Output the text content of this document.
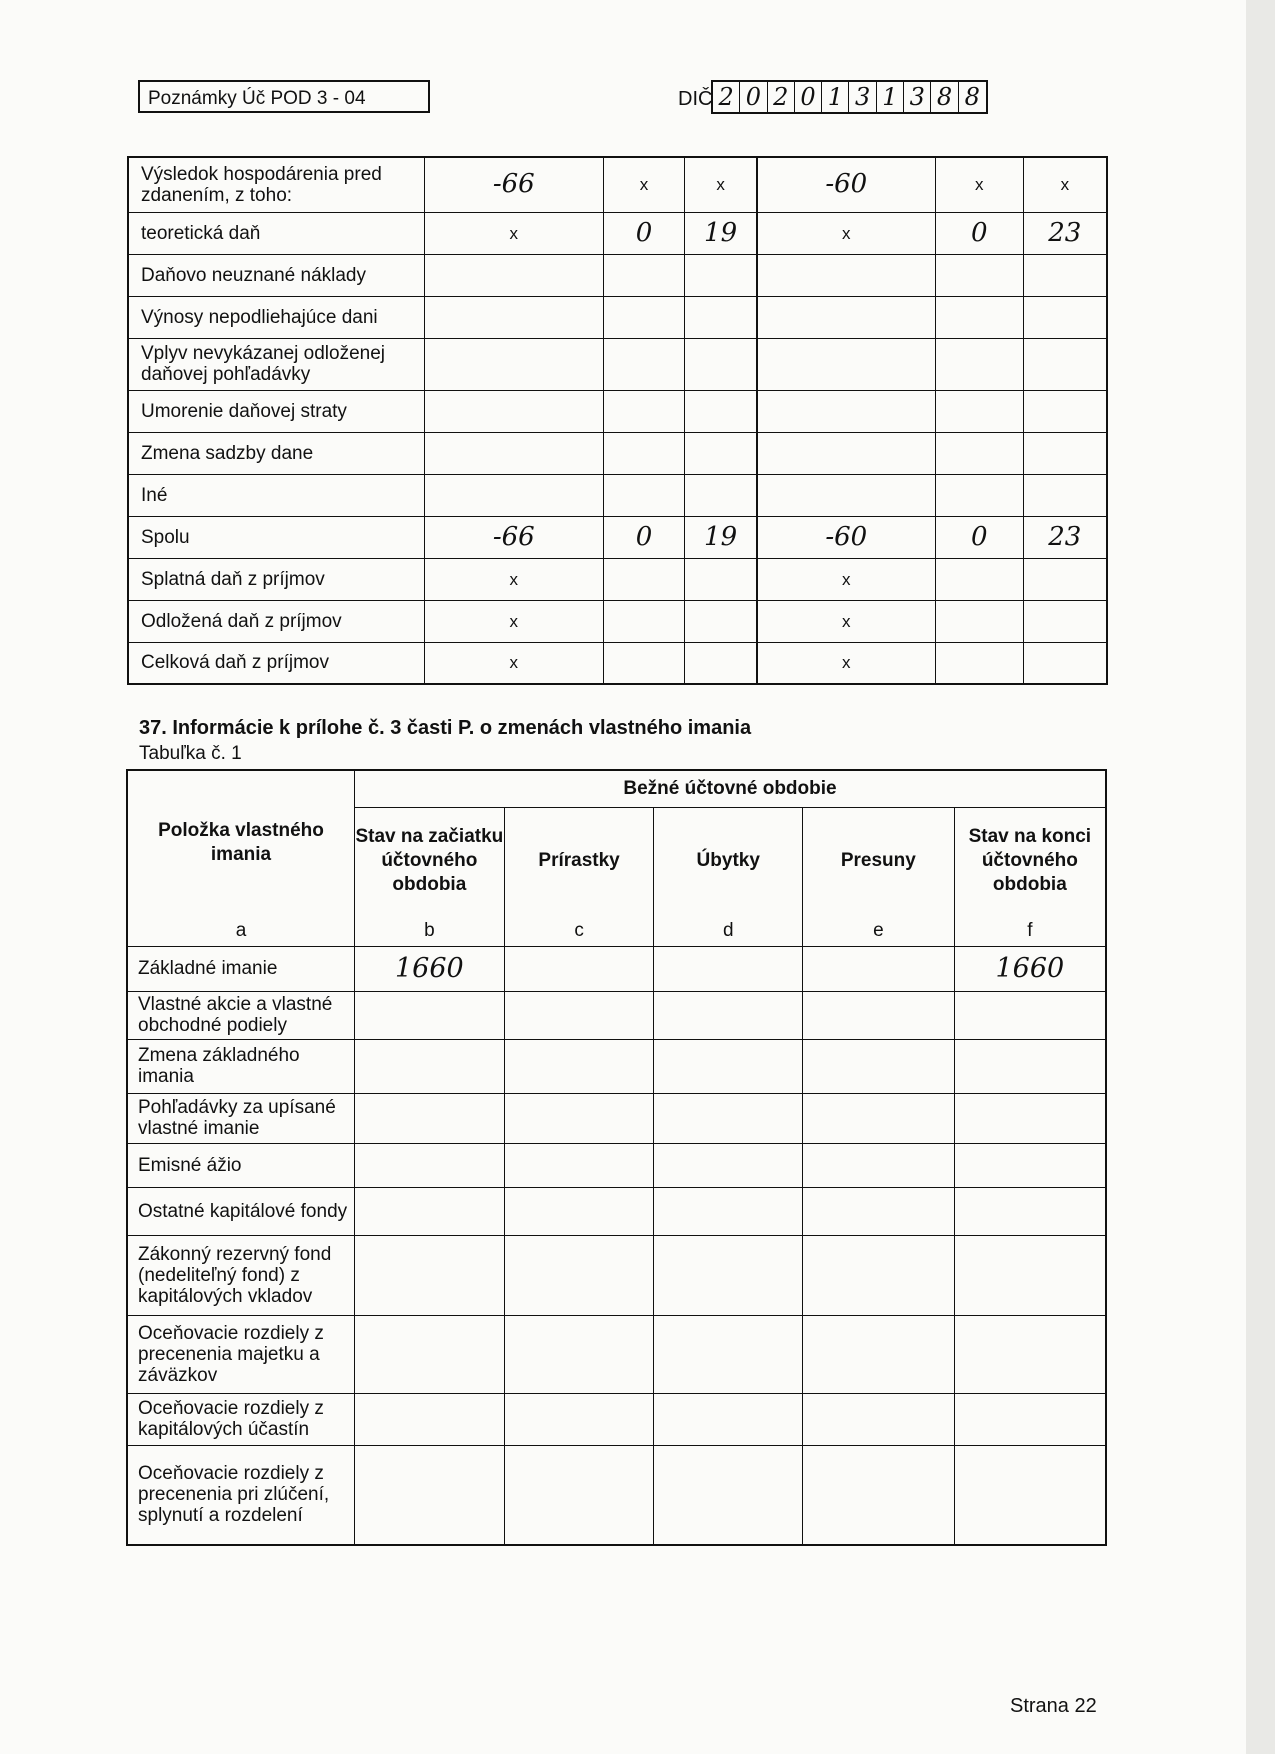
Poznámky Úč POD 3 - 04	DIČ 2 0 2 0 1 3 1 3 8 8
Výsledok hospodárenia pred zdanením, z toho:	-66	x	x	-60	x	x
teoretická daň	x	0	19	x	0	23
Daňovo neuznané náklady						
Výnosy nepodliehajúce dani						
Vplyv nevykázanej odloženej daňovej pohľadávky						
Umorenie daňovej straty						
Zmena sadzby dane						
Iné						
Spolu	-66	0	19	-60	0	23
Splatná daň z príjmov	x			x		
Odložená daň z príjmov	x			x		
Celková daň z príjmov	x			x		
37. Informácie k prílohe č. 3 časti P. o zmenách vlastného imania
Tabuľka č. 1
Položka vlastného imania	Bežné účtovné obdobie				
	Stav na začiatku účtovného obdobia	Prírastky	Úbytky	Presuny	Stav na konci účtovného obdobia
a	b	c	d	e	f
Základné imanie	1660				1660
Vlastné akcie a vlastné obchodné podiely					
Zmena základného imania					
Pohľadávky za upísané vlastné imanie					
Emisné ážio					
Ostatné kapitálové fondy					
Zákonný rezervný fond (nedeliteľný fond) z kapitálových vkladov					
Oceňovacie rozdiely z precenenia majetku a záväzkov					
Oceňovacie rozdiely z kapitálových účastín					
Oceňovacie rozdiely z precenenia pri zlúčení, splynutí a rozdelení					
Strana 22
